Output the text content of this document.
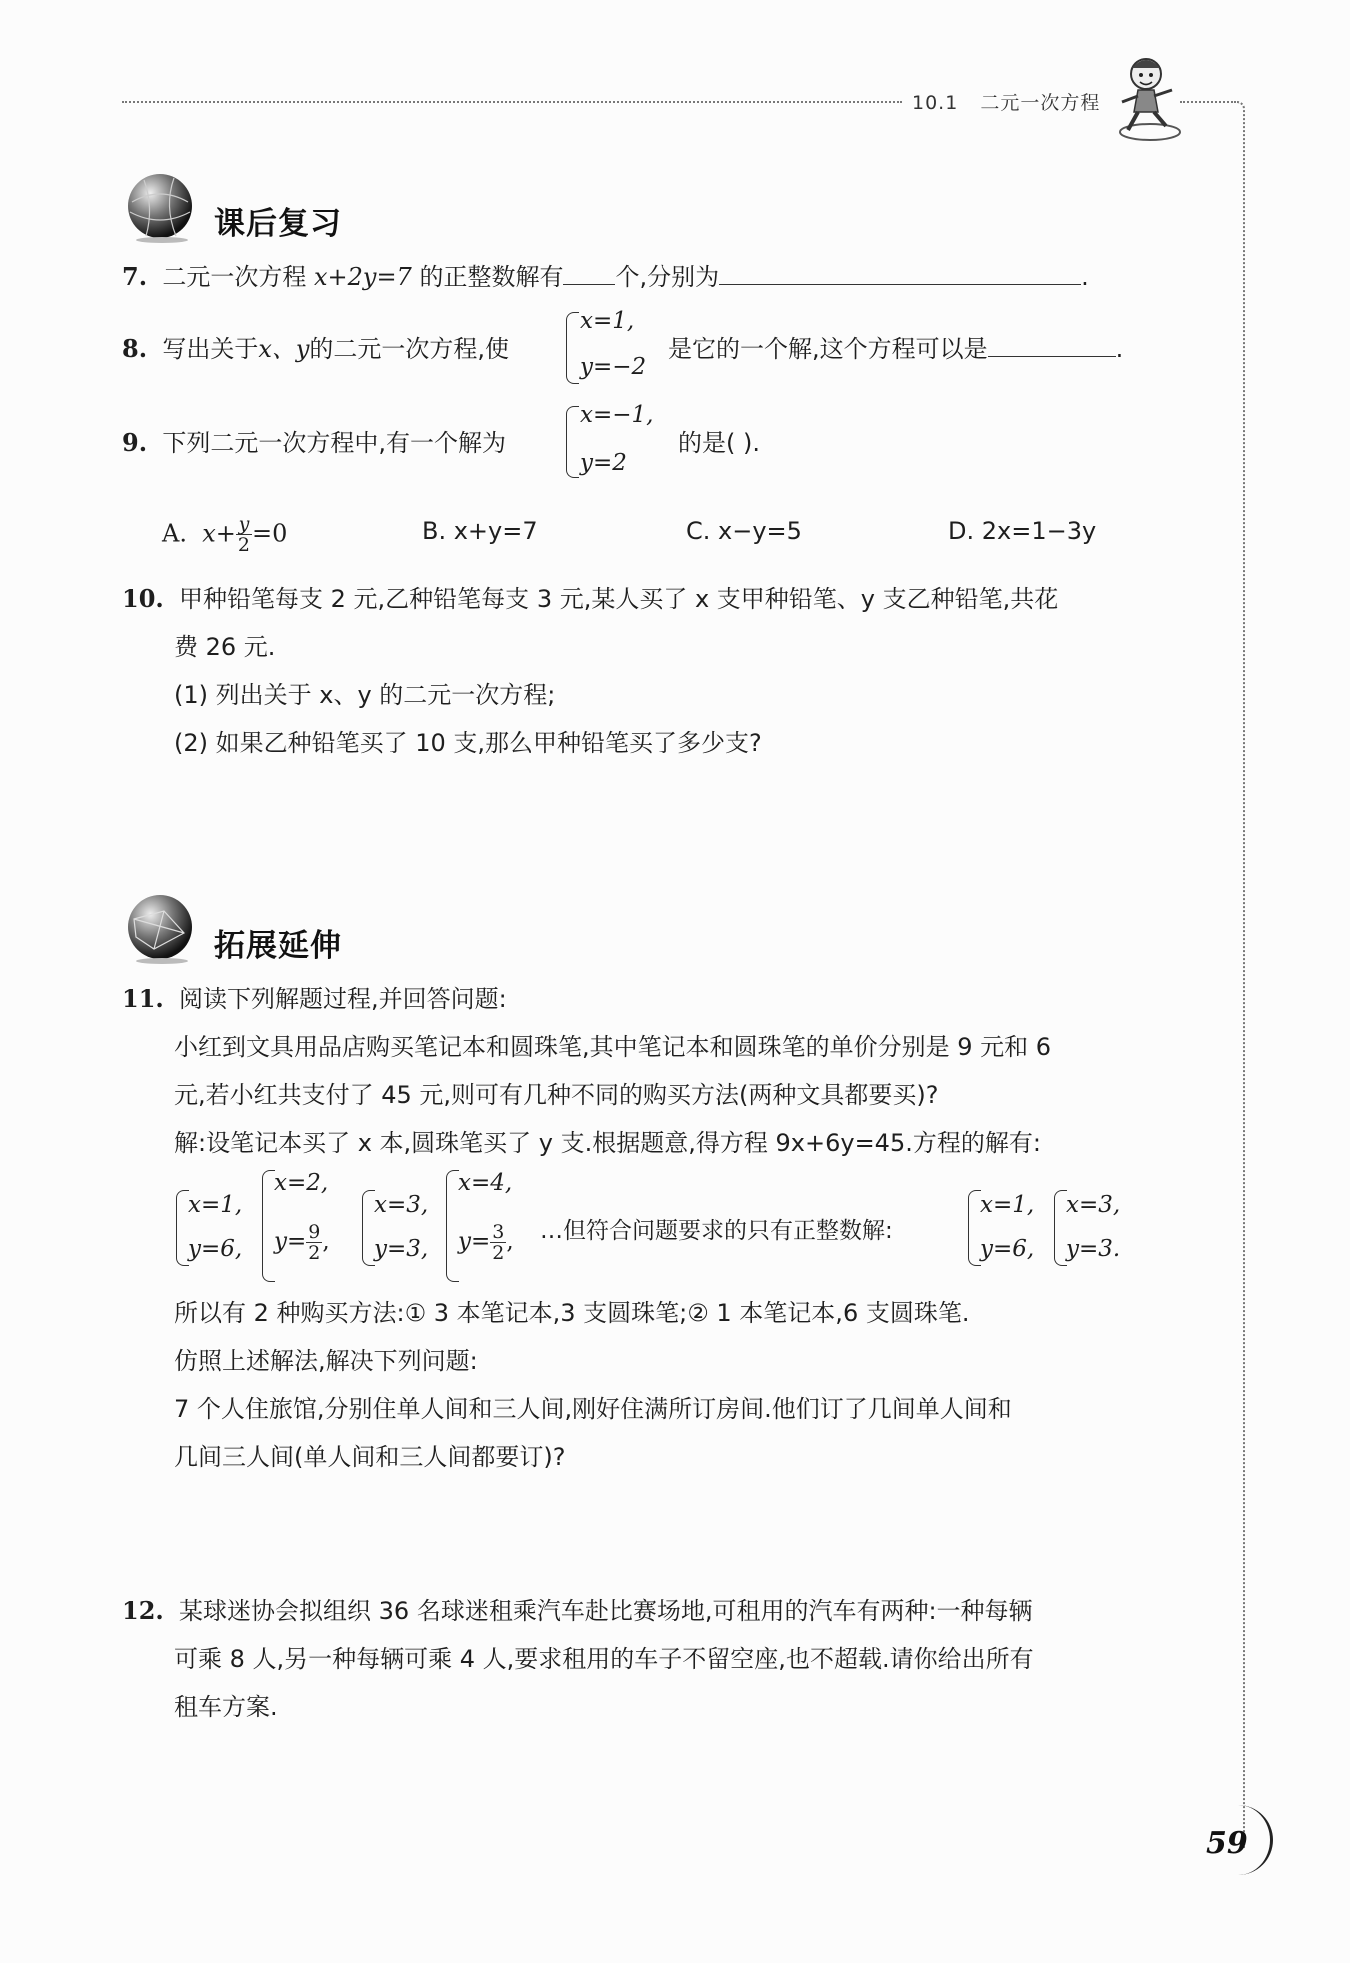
10.1 二元一次方程
课后复习
7. 二元一次方程 x+2y=7 的正整数解有 个,分别为	.
8. 写出关于x、y的二元一次方程,使
x=1,
y=−2
是它的一个解,这个方程可以是	.
9. 下列二元一次方程中,有一个解为
x=−1,
y=2
的是( ).
A. $x+ \frac{y}{2} =0$	B. x+y=7	C. x−y=5	D. 2x=1−3y
10. 甲种铅笔每支 2 元,乙种铅笔每支 3 元,某人买了 x 支甲种铅笔、y 支乙种铅笔,共花
费 26 元.
(1) 列出关于 x、y 的二元一次方程;
(2) 如果乙种铅笔买了 10 支,那么甲种铅笔买了多少支?
拓展延伸
11. 阅读下列解题过程,并回答问题:
小红到文具用品店购买笔记本和圆珠笔,其中笔记本和圆珠笔的单价分别是 9 元和 6
元,若小红共支付了 45 元,则可有几种不同的购买方法(两种文具都要买)?
解:设笔记本买了 x 本,圆珠笔买了 y 支.根据题意,得方程 9x+6y=45.方程的解有:
x=1,
y=6,
x=2,
$y= \frac{9}{2}$ ,
x=3,
y=3,
x=4,
$y= \frac{3}{2}$ , …但符合问题要求的只有正整数解:
x=1,
y=6,
x=3,
y=3.
所以有 2 种购买方法:① 3 本笔记本,3 支圆珠笔;② 1 本笔记本,6 支圆珠笔.
仿照上述解法,解决下列问题:
7 个人住旅馆,分别住单人间和三人间,刚好住满所订房间.他们订了几间单人间和
几间三人间(单人间和三人间都要订)?
12. 某球迷协会拟组织 36 名球迷租乘汽车赴比赛场地,可租用的汽车有两种:一种每辆
可乘 8 人,另一种每辆可乘 4 人,要求租用的车子不留空座,也不超载.请你给出所有
租车方案.
59
